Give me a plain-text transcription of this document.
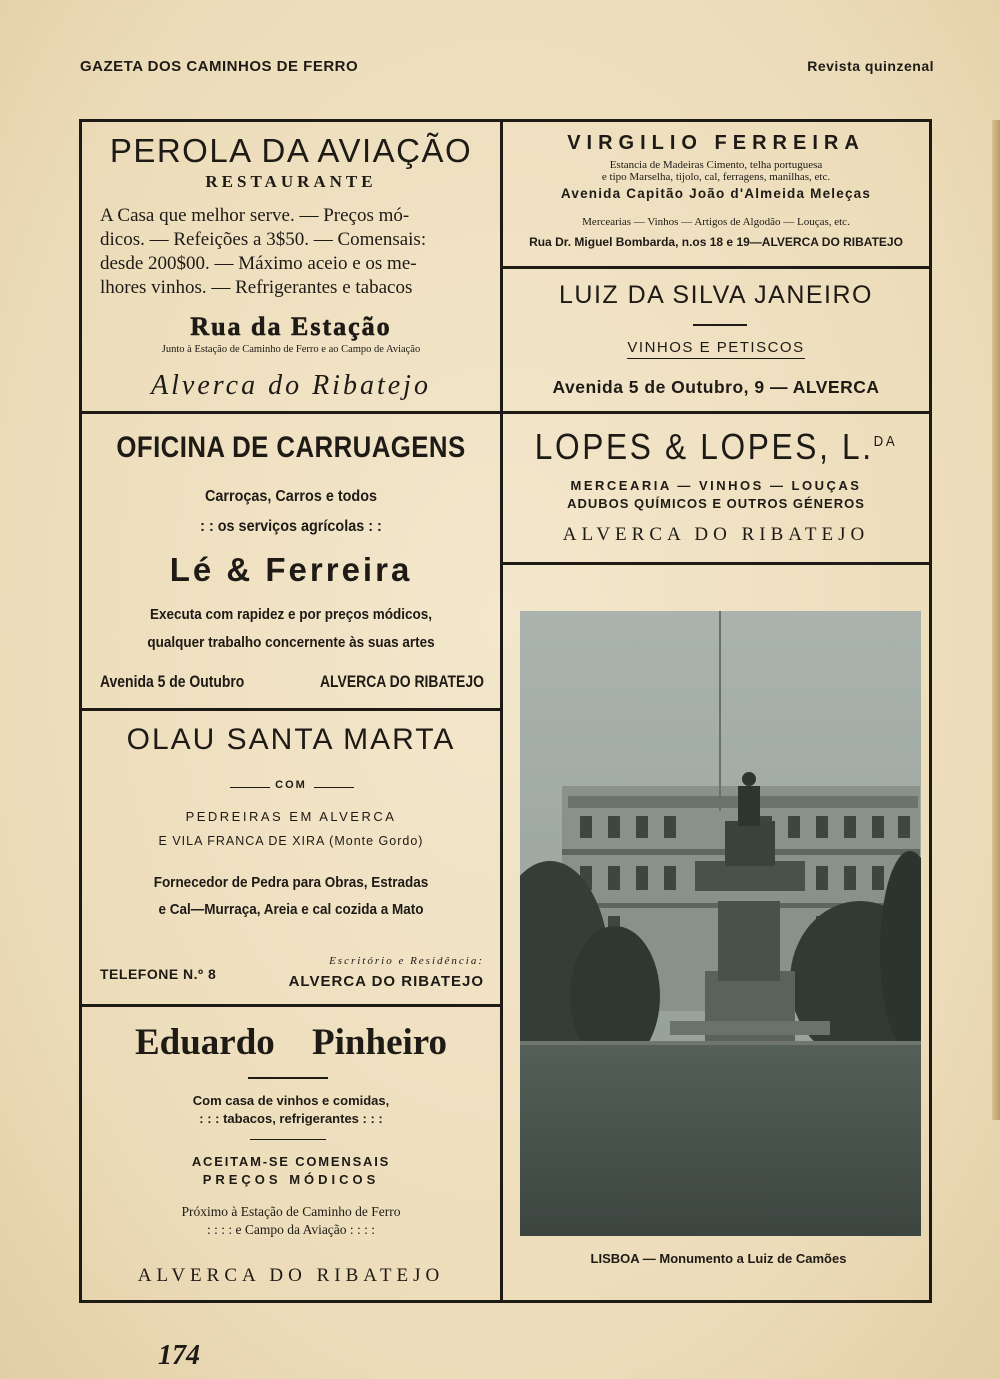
GAZETA DOS CAMINHOS DE FERRO	Revista quinzenal
PEROLA DA AVIAÇÃO
RESTAURANTE
A Casa que melhor serve. — Preços mó-
dicos. — Refeições a 3$50. — Comensais:
desde 200$00. — Máximo aceio e os me-
lhores vinhos. — Refrigerantes e tabacos
Rua da Estação
Junto à Estação de Caminho de Ferro e ao Campo de Aviação
Alverca do Ribatejo
VIRGILIO FERREIRA
Estancia de Madeiras Cimento, telha portuguesa
e tipo Marselha, tijolo, cal, ferragens, manilhas, etc.
Avenida Capitão João d'Almeida Meleças
Mercearias — Vinhos — Artigos de Algodão — Louças, etc.
Rua Dr. Miguel Bombarda, n.os 18 e 19—ALVERCA DO RIBATEJO
LUIZ DA SILVA JANEIRO
VINHOS E PETISCOS
Avenida 5 de Outubro, 9 — ALVERCA
OFICINA DE CARRUAGENS
Carroças, Carros e todos
: : os serviços agrícolas : :
Lé & Ferreira
Executa com rapidez e por preços módicos,
qualquer trabalho concernente às suas artes
Avenida 5 de Outubro	ALVERCA DO RIBATEJO
LOPES & LOPES, L.$^{DA}$
MERCEARIA — VINHOS — LOUÇAS
ADUBOS QUÍMICOS E OUTROS GÉNEROS
ALVERCA DO RIBATEJO
OLAU SANTA MARTA
COM
PEDREIRAS EM ALVERCA
E VILA FRANCA DE XIRA (Monte Gordo)
Fornecedor de Pedra para Obras, Estradas
e Cal—Murraça, Areia e cal cozida a Mato
TELEFONE N.º 8
Escritório e Residência:
ALVERCA DO RIBATEJO
Eduardo Pinheiro
Com casa de vinhos e comidas,
: : : tabacos, refrigerantes : : :
ACEITAM-SE COMENSAIS
PREÇOS MÓDICOS
Próximo à Estação de Caminho de Ferro
: : : : e Campo da Aviação : : : :
ALVERCA DO RIBATEJO
LISBOA — Monumento a Luiz de Camões
174
